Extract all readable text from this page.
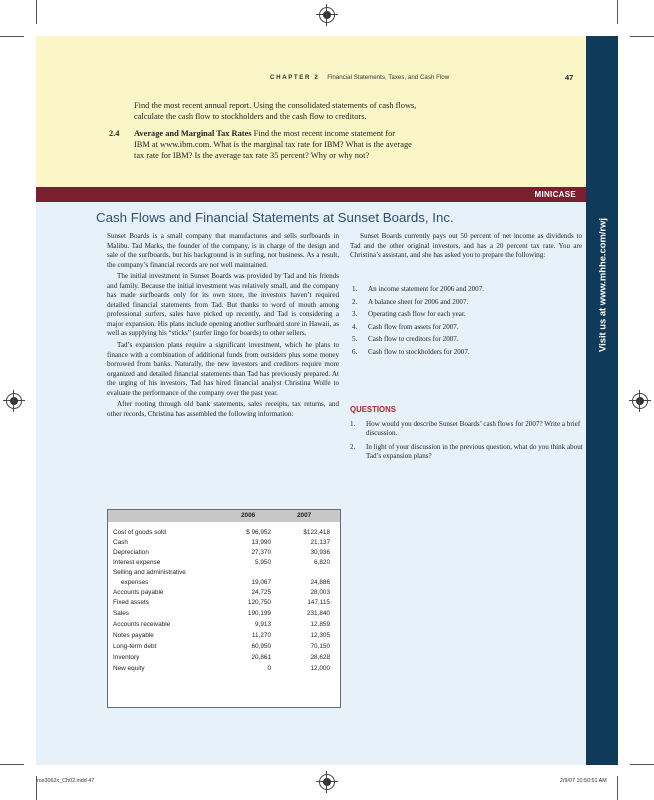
CHAPTER 2 Financial Statements, Taxes, and Cash Flow	47
Find the most recent annual report. Using the consolidated statements of cash flows,
calculate the cash flow to stockholders and the cash flow to creditors.
2.4 Average and Marginal Tax Rates Find the most recent income statement for
IBM at www.ibm.com. What is the marginal tax rate for IBM? What is the average
tax rate for IBM? Is the average tax rate 35 percent? Why or why not?
MINICASE
Visit us at www.mhhe.com/rwj
Cash Flows and Financial Statements at Sunset Boards, Inc.

Sunset Boards is a small company that manufactures and sells surfboards in Malibu. Tad Marks, the founder of the company, is in charge of the design and sale of the surfboards, but his background is in surfing, not business. As a result, the company’s financial records are not well maintained.

The initial investment in Sunset Boards was provided by Tad and his friends and family. Because the initial investment was relatively small, and the company has made surfboards only for its own store, the investors haven’t required detailed financial statements from Tad. But thanks to word of mouth among professional surfers, sales have picked up recently, and Tad is considering a major expansion. His plans include opening another surfboard store in Hawaii, as well as supplying his “sticks” (surfer lingo for boards) to other sellers.

Tad’s expansion plans require a significant investment, which he plans to finance with a combination of additional funds from outsiders plus some money borrowed from banks. Naturally, the new investors and creditors require more organized and detailed financial statements than Tad has previously prepared. At the urging of his investors, Tad has hired financial analyst Christina Wolfe to evaluate the performance of the company over the past year.

After rooting through old bank statements, sales receipts, tax returns, and other records, Christina has assembled the following information:

Sunset Boards currently pays out 50 percent of net income as dividends to Tad and the other original investors, and has a 20 percent tax rate. You are Christina’s assistant, and she has asked you to prepare the following:

1. An income statement for 2006 and 2007.
2. A balance sheet for 2006 and 2007.
3. Operating cash flow for each year.
4. Cash flow from assets for 2007.
5. Cash flow to creditors for 2007.
6. Cash flow to stockholders for 2007.
QUESTIONS
1. How would you describe Sunset Boards’ cash flows for 2007? Write a brief discussion.
2. In light of your discussion in the previous question, what do you think about Tad’s expansion plans?
2006	2007
Cost of goods sold	$ 96,952	$122,418
Cash	13,990	21,137
Depreciation	27,370	30,936
Interest expense	5,950	6,820
Selling and administrative
expenses	19,067	24,886
Accounts payable	24,725	28,003
Fixed assets	120,750	147,115
Sales	190,199	231,840
Accounts receivable	9,913	12,859
Notes payable	11,270	12,305
Long-term debt	60,950	70,150
Inventory	20,861	28,628
New equity	0	12,000
ros3062x_Ch02.indd 47	2/9/07 10:50:51 AM
